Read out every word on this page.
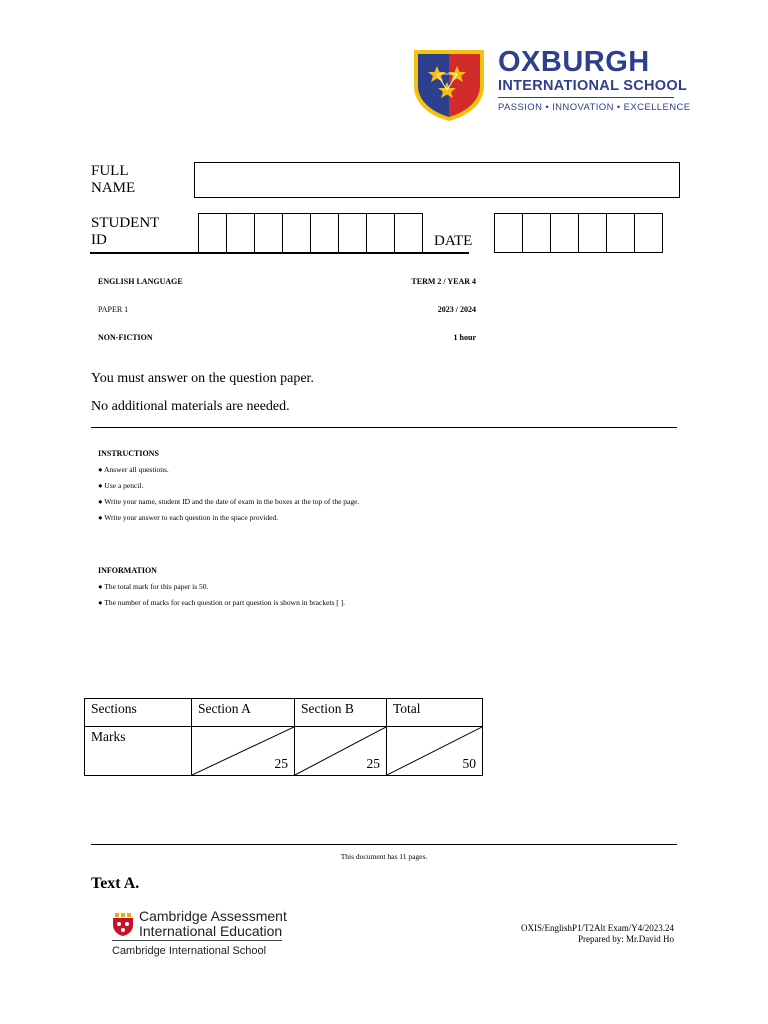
OXBURGH
INTERNATIONAL SCHOOL
PASSION • INNOVATION • EXCELLENCE
FULL
NAME
STUDENT
ID	DATE
ENGLISH LANGUAGE	TERM 2 / YEAR 4
PAPER 1	2023 / 2024
NON-FICTION	1 hour
You must answer on the question paper.
No additional materials are needed.
INSTRUCTIONS
● Answer all questions.
● Use a pencil.
● Write your name, student ID and the date of exam in the boxes at the top of the page.
● Write your answer to each question in the space provided.
INFORMATION
● The total mark for this paper is 50.
● The number of marks for each question or part question is shown in brackets [ ].
Sections	Section A	Section B	Total

Marks	25	25	50
This document has 11 pages.
Text A.
Cambridge Assessment
International Education
Cambridge International School
OXIS/EnglishP1/T2Alt Exam/Y4/2023.24
Prepared by: Mr.David Ho
